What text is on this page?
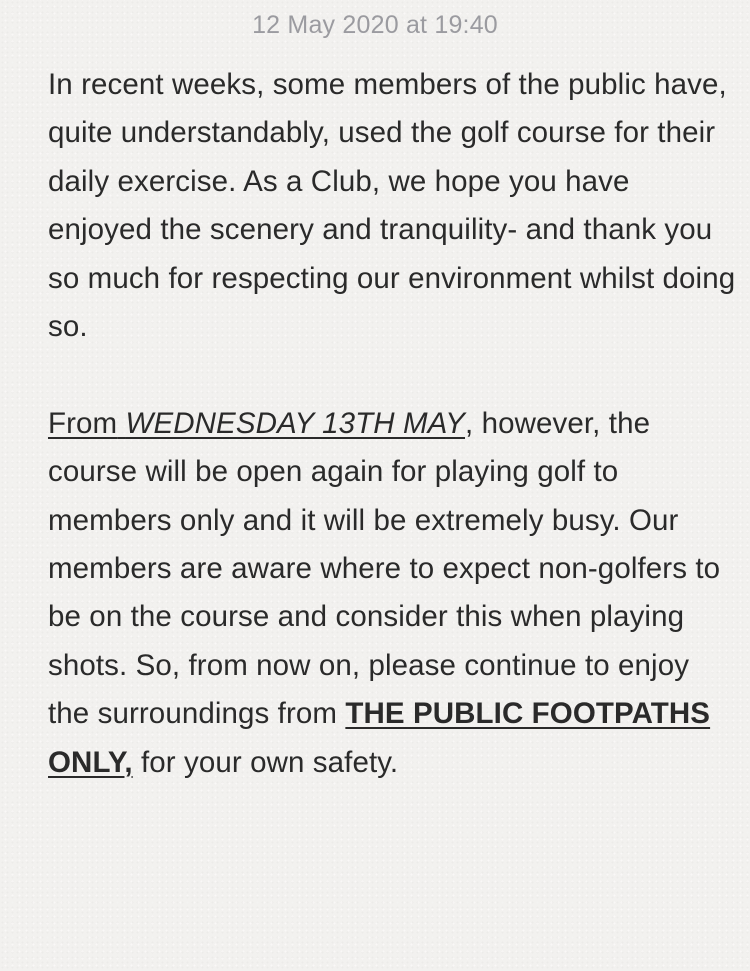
12 May 2020 at 19:40

In recent weeks, some members of the public have, quite understandably, used the golf course for their daily exercise. As a Club, we hope you have enjoyed the scenery and tranquility- and thank you so much for respecting our environment whilst doing so.

From WEDNESDAY 13TH MAY, however, the course will be open again for playing golf to members only and it will be extremely busy. Our members are aware where to expect non-golfers to be on the course and consider this when playing shots. So, from now on, please continue to enjoy the surroundings from THE PUBLIC FOOTPATHS ONLY, for your own safety.
